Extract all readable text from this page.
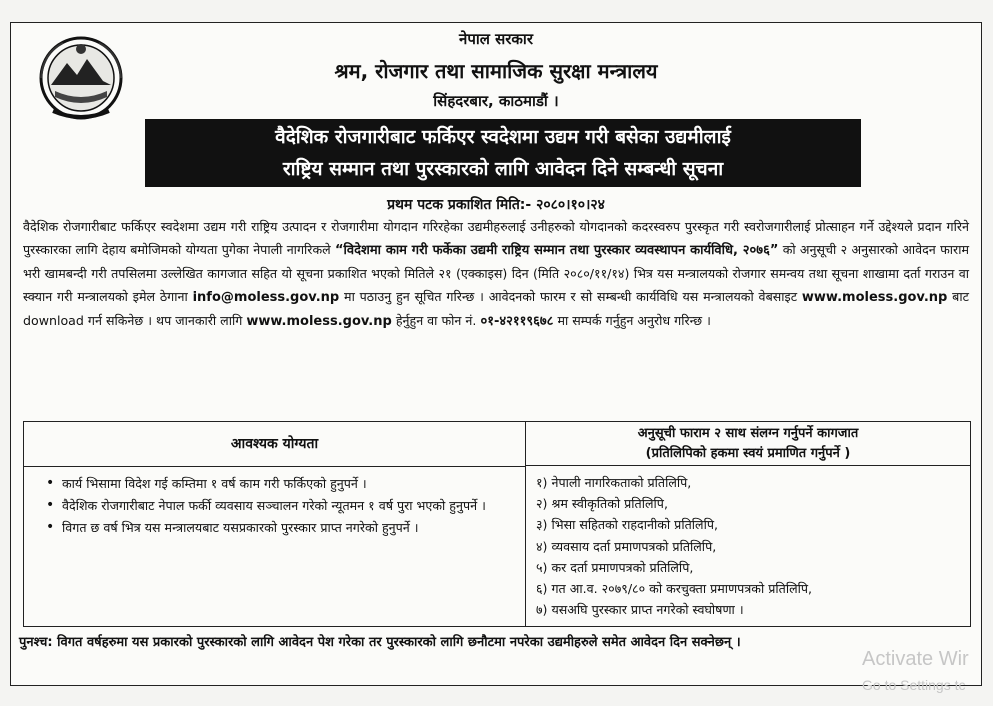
नेपाल सरकार
श्रम, रोजगार तथा सामाजिक सुरक्षा मन्त्रालय
सिंहदरबार, काठमाडौं ।
वैदेशिक रोजगारीबाट फर्किएर स्वदेशमा उद्यम गरी बसेका उद्यमीलाई
राष्ट्रिय सम्मान तथा पुरस्कारको लागि आवेदन दिने सम्बन्धी सूचना
प्रथम पटक प्रकाशित मिति:- २०८०।१०।२४
वैदेशिक रोजगारीबाट फर्किएर स्वदेशमा उद्यम गरी राष्ट्रिय उत्पादन र रोजगारीमा योगदान गरिरहेका उद्यमीहरुलाई उनीहरुको योगदानको कदरस्वरुप पुरस्कृत गरी स्वरोजगारीलाई प्रोत्साहन गर्ने उद्देश्यले प्रदान गरिने पुरस्कारका लागि देहाय बमोजिमको योग्यता पुगेका नेपाली नागरिकले “विदेशमा काम गरी फर्केका उद्यमी राष्ट्रिय सम्मान तथा पुरस्कार व्यवस्थापन कार्यविधि, २०७६” को अनुसूची २ अनुसारको आवेदन फाराम भरी खामबन्दी गरी तपसिलमा उल्लेखित कागजात सहित यो सूचना प्रकाशित भएको मितिले २१ (एक्काइस) दिन (मिति २०८०/११/१४) भित्र यस मन्त्रालयको रोजगार समन्वय तथा सूचना शाखामा दर्ता गराउन वा स्क्यान गरी मन्त्रालयको इमेल ठेगाना info@moless.gov.np मा पठाउनु हुन सूचित गरिन्छ । आवेदनको फारम र सो सम्बन्धी कार्यविधि यस मन्त्रालयको वेबसाइट www.moless.gov.np बाट download गर्न सकिनेछ । थप जानकारी लागि www.moless.gov.np हेर्नुहुन वा फोन नं. ०१-४२११९६७८ मा सम्पर्क गर्नुहुन अनुरोध गरिन्छ ।
आवश्यक योग्यता
• कार्य भिसामा विदेश गई कम्तिमा १ वर्ष काम गरी फर्किएको हुनुपर्ने ।
• वैदेशिक रोजगारीबाट नेपाल फर्की व्यवसाय सञ्चालन गरेको न्यूतमन १ वर्ष पुरा भएको हुनुपर्ने ।
• विगत छ वर्ष भित्र यस मन्त्रालयबाट यसप्रकारको पुरस्कार प्राप्त नगरेको हुनुपर्ने ।
अनुसूची फाराम २ साथ संलग्न गर्नुपर्ने कागजात
(प्रतिलिपिको हकमा स्वयं प्रमाणित गर्नुपर्ने )
१) नेपाली नागरिकताको प्रतिलिपि,
२) श्रम स्वीकृतिको प्रतिलिपि,
३) भिसा सहितको राहदानीको प्रतिलिपि,
४) व्यवसाय दर्ता प्रमाणपत्रको प्रतिलिपि,
५) कर दर्ता प्रमाणपत्रको प्रतिलिपि,
६) गत आ.व. २०७९/८० को करचुक्ता प्रमाणपत्रको प्रतिलिपि,
७) यसअघि पुरस्कार प्राप्त नगरेको स्वघोषणा ।
पुनश्च: विगत वर्षहरुमा यस प्रकारको पुरस्कारको लागि आवेदन पेश गरेका तर पुरस्कारको लागि छनौटमा नपरेका उद्यमीहरुले समेत आवेदन दिन सक्नेछन् ।
Activate Wir
Go to Settings tc
